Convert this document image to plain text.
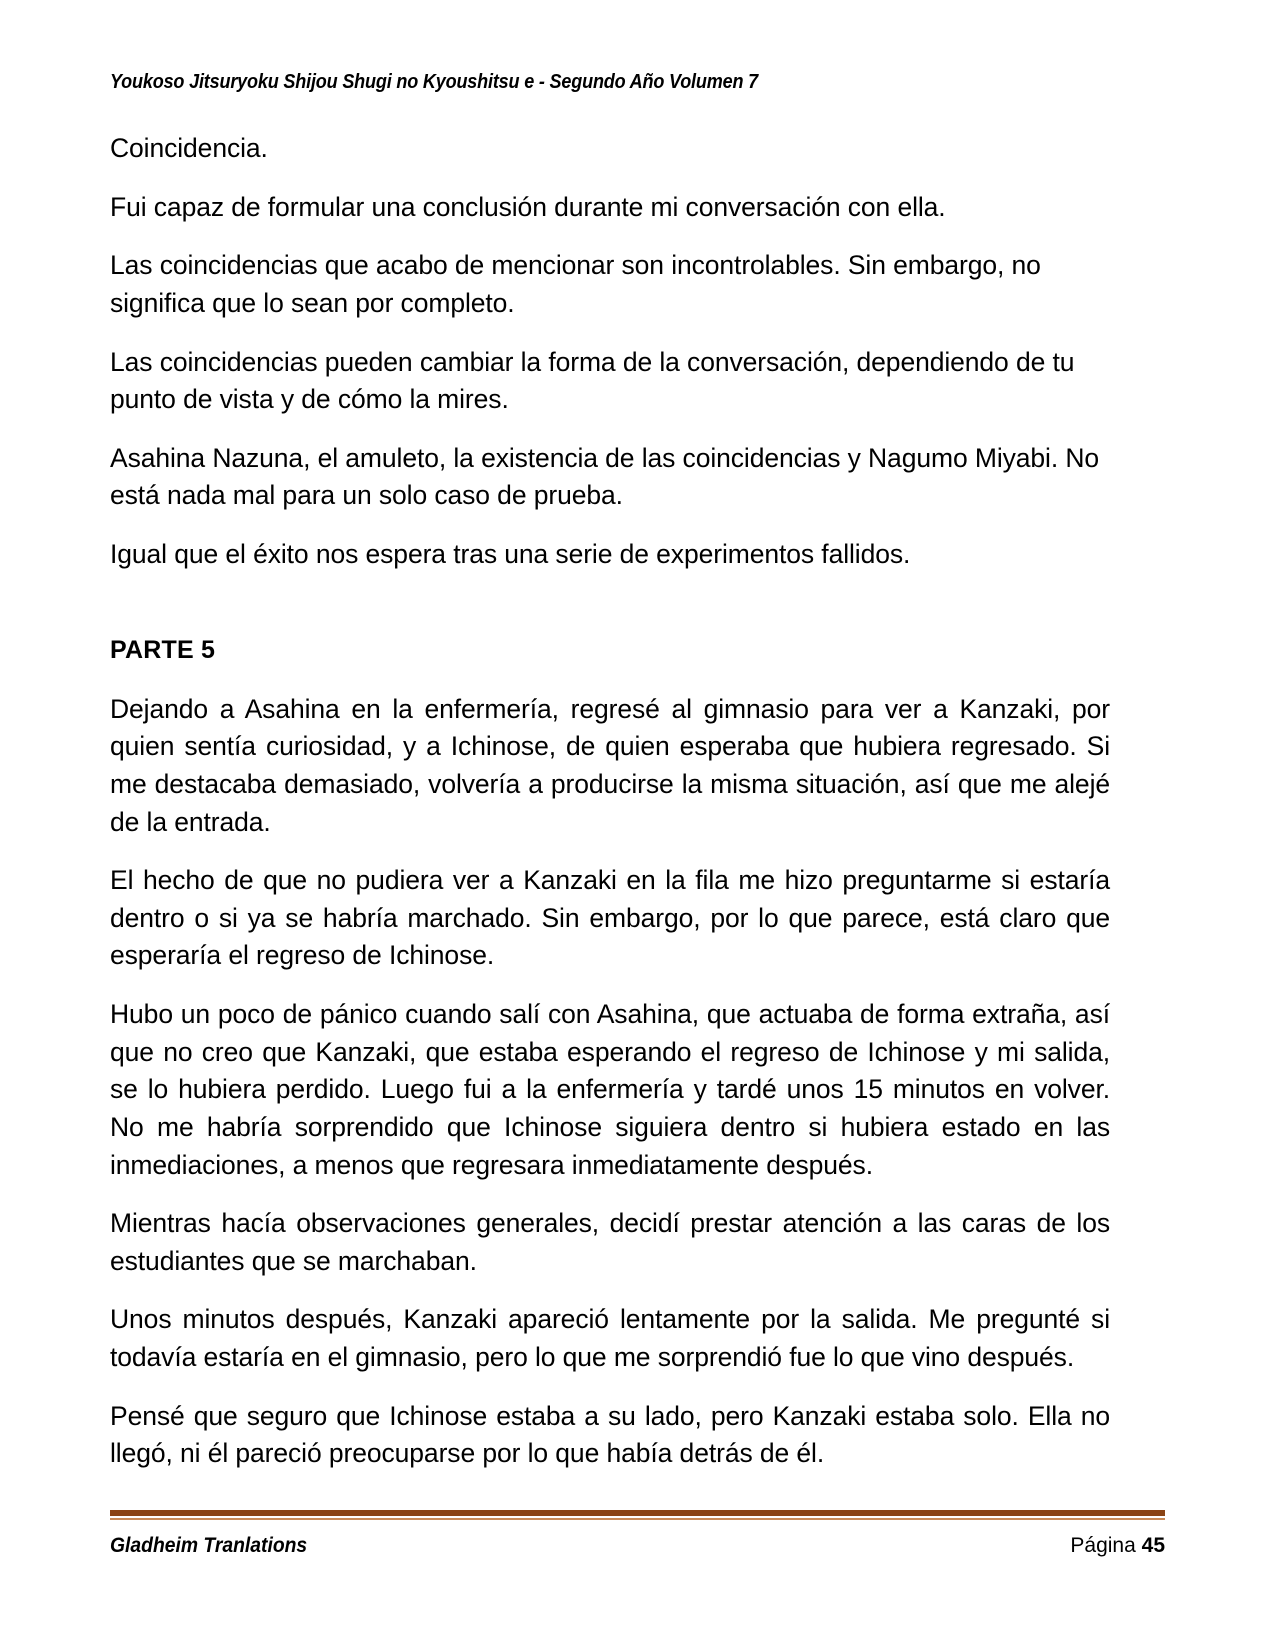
Youkoso Jitsuryoku Shijou Shugi no Kyoushitsu e - Segundo Año Volumen 7

Coincidencia.

Fui capaz de formular una conclusión durante mi conversación con ella.

Las coincidencias que acabo de mencionar son incontrolables. Sin embargo, no significa que lo sean por completo.

Las coincidencias pueden cambiar la forma de la conversación, dependiendo de tu punto de vista y de cómo la mires.

Asahina Nazuna, el amuleto, la existencia de las coincidencias y Nagumo Miyabi. No está nada mal para un solo caso de prueba.

Igual que el éxito nos espera tras una serie de experimentos fallidos.

PARTE 5

Dejando a Asahina en la enfermería, regresé al gimnasio para ver a Kanzaki, por quien sentía curiosidad, y a Ichinose, de quien esperaba que hubiera regresado. Si me destacaba demasiado, volvería a producirse la misma situación, así que me alejé de la entrada.

El hecho de que no pudiera ver a Kanzaki en la fila me hizo preguntarme si estaría dentro o si ya se habría marchado. Sin embargo, por lo que parece, está claro que esperaría el regreso de Ichinose.

Hubo un poco de pánico cuando salí con Asahina, que actuaba de forma extraña, así que no creo que Kanzaki, que estaba esperando el regreso de Ichinose y mi salida, se lo hubiera perdido. Luego fui a la enfermería y tardé unos 15 minutos en volver. No me habría sorprendido que Ichinose siguiera dentro si hubiera estado en las inmediaciones, a menos que regresara inmediatamente después.

Mientras hacía observaciones generales, decidí prestar atención a las caras de los estudiantes que se marchaban.

Unos minutos después, Kanzaki apareció lentamente por la salida. Me pregunté si todavía estaría en el gimnasio, pero lo que me sorprendió fue lo que vino después.

Pensé que seguro que Ichinose estaba a su lado, pero Kanzaki estaba solo. Ella no llegó, ni él pareció preocuparse por lo que había detrás de él.

Gladheim Tranlations	Página 45
